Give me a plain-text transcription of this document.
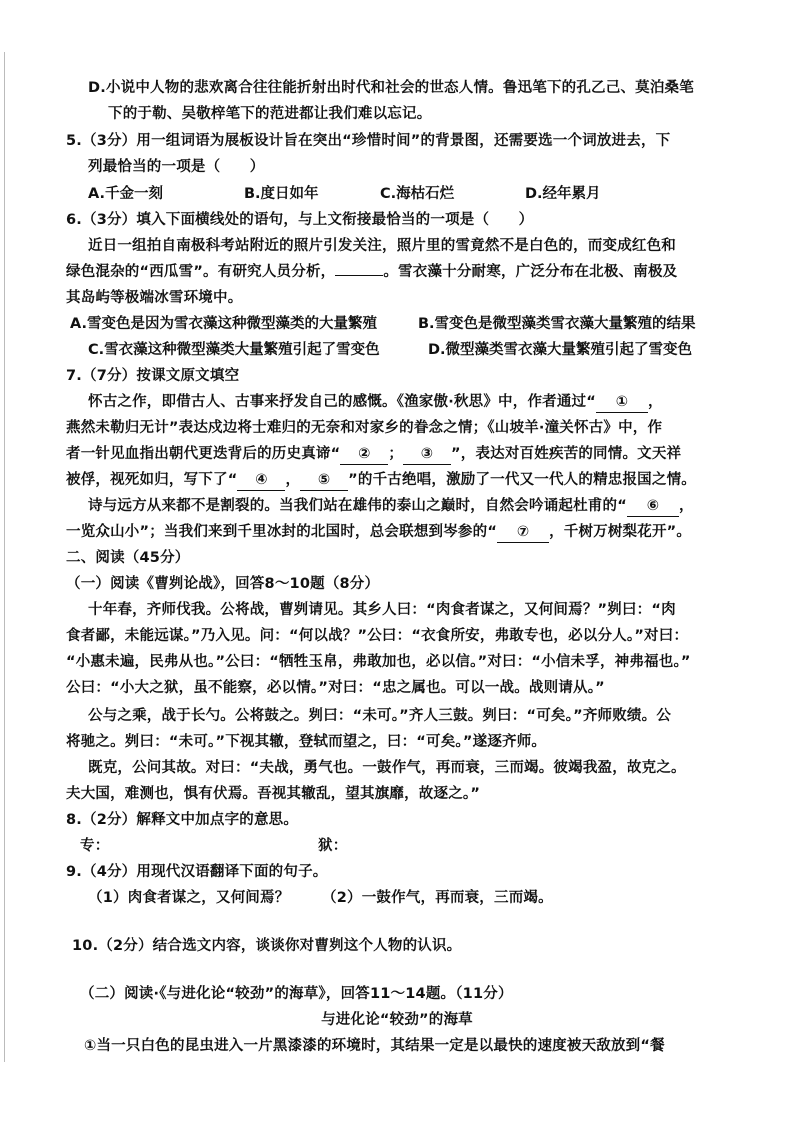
D.小说中人物的悲欢离合往往能折射出时代和社会的世态人情。鲁迅笔下的孔乙己、莫泊桑笔
下的于勒、吴敬梓笔下的范进都让我们难以忘记。
5.（3分）用一组词语为展板设计旨在突出“珍惜时间”的背景图，还需要选一个词放进去，下
列最恰当的一项是（　　）
A.千金一刻	B.度日如年	C.海枯石烂	D.经年累月
6.（3分）填入下面横线处的语句，与上文衔接最恰当的一项是（　　）
近日一组拍自南极科考站附近的照片引发关注，照片里的雪竟然不是白色的，而变成红色和
绿色混杂的“西瓜雪”。有研究人员分析，	。雪衣藻十分耐寒，广泛分布在北极、南极及
其岛屿等极端冰雪环境中。
A.雪变色是因为雪衣藻这种微型藻类的大量繁殖	B.雪变色是微型藻类雪衣藻大量繁殖的结果
C.雪衣藻这种微型藻类大量繁殖引起了雪变色	D.微型藻类雪衣藻大量繁殖引起了雪变色
7.（7分）按课文原文填空
怀古之作，即借古人、古事来抒发自己的感慨。《渔家傲·秋思》中，作者通过“ ① ，
燕然未勒归无计”表达戍边将士难归的无奈和对家乡的眷念之情；《山坡羊·潼关怀古》中，作
者一针见血指出朝代更迭背后的历史真谛“ ② ； ③ ”，表达对百姓疾苦的同情。文天祥
被俘，视死如归，写下了“ ④ ， ⑤ ”的千古绝唱，激励了一代又一代人的精忠报国之情。
诗与远方从来都不是割裂的。当我们站在雄伟的泰山之巅时，自然会吟诵起杜甫的“ ⑥ ，
一览众山小”；当我们来到千里冰封的北国时，总会联想到岑参的“ ⑦ ，千树万树梨花开”。
二、阅读（45分）
（一）阅读《曹刿论战》，回答8～10题（8分）
十年春，齐师伐我。公将战，曹刿请见。其乡人曰：“肉食者谋之，又何间焉？”刿曰：“肉
食者鄙，未能远谋。”乃入见。问：“何以战？”公曰：“衣食所安，弗敢专也，必以分人。”对曰：
“小惠未遍，民弗从也。”公曰：“牺牲玉帛，弗敢加也，必以信。”对曰：“小信未孚，神弗福也。”
公曰：“小大之狱，虽不能察，必以情。”对曰：“忠之属也。可以一战。战则请从。”
公与之乘，战于长勺。公将鼓之。刿曰：“未可。”齐人三鼓。刿曰：“可矣。”齐师败绩。公
将驰之。刿曰：“未可。”下视其辙，登轼而望之，曰：“可矣。”遂逐齐师。
既克，公问其故。对曰：“夫战，勇气也。一鼓作气，再而衰，三而竭。彼竭我盈，故克之。
夫大国，难测也，惧有伏焉。吾视其辙乱，望其旗靡，故逐之。”
8.（2分）解释文中加点字的意思。
专：	狱：
9.（4分）用现代汉语翻译下面的句子。
（1）肉食者谋之，又何间焉？ （2）一鼓作气，再而衰，三而竭。
10.（2分）结合选文内容，谈谈你对曹刿这个人物的认识。
（二）阅读·《与进化论“较劲”的海草》，回答11～14题。（11分）
与进化论“较劲”的海草
①当一只白色的昆虫进入一片黑漆漆的环境时，其结果一定是以最快的速度被天敌放到“餐
